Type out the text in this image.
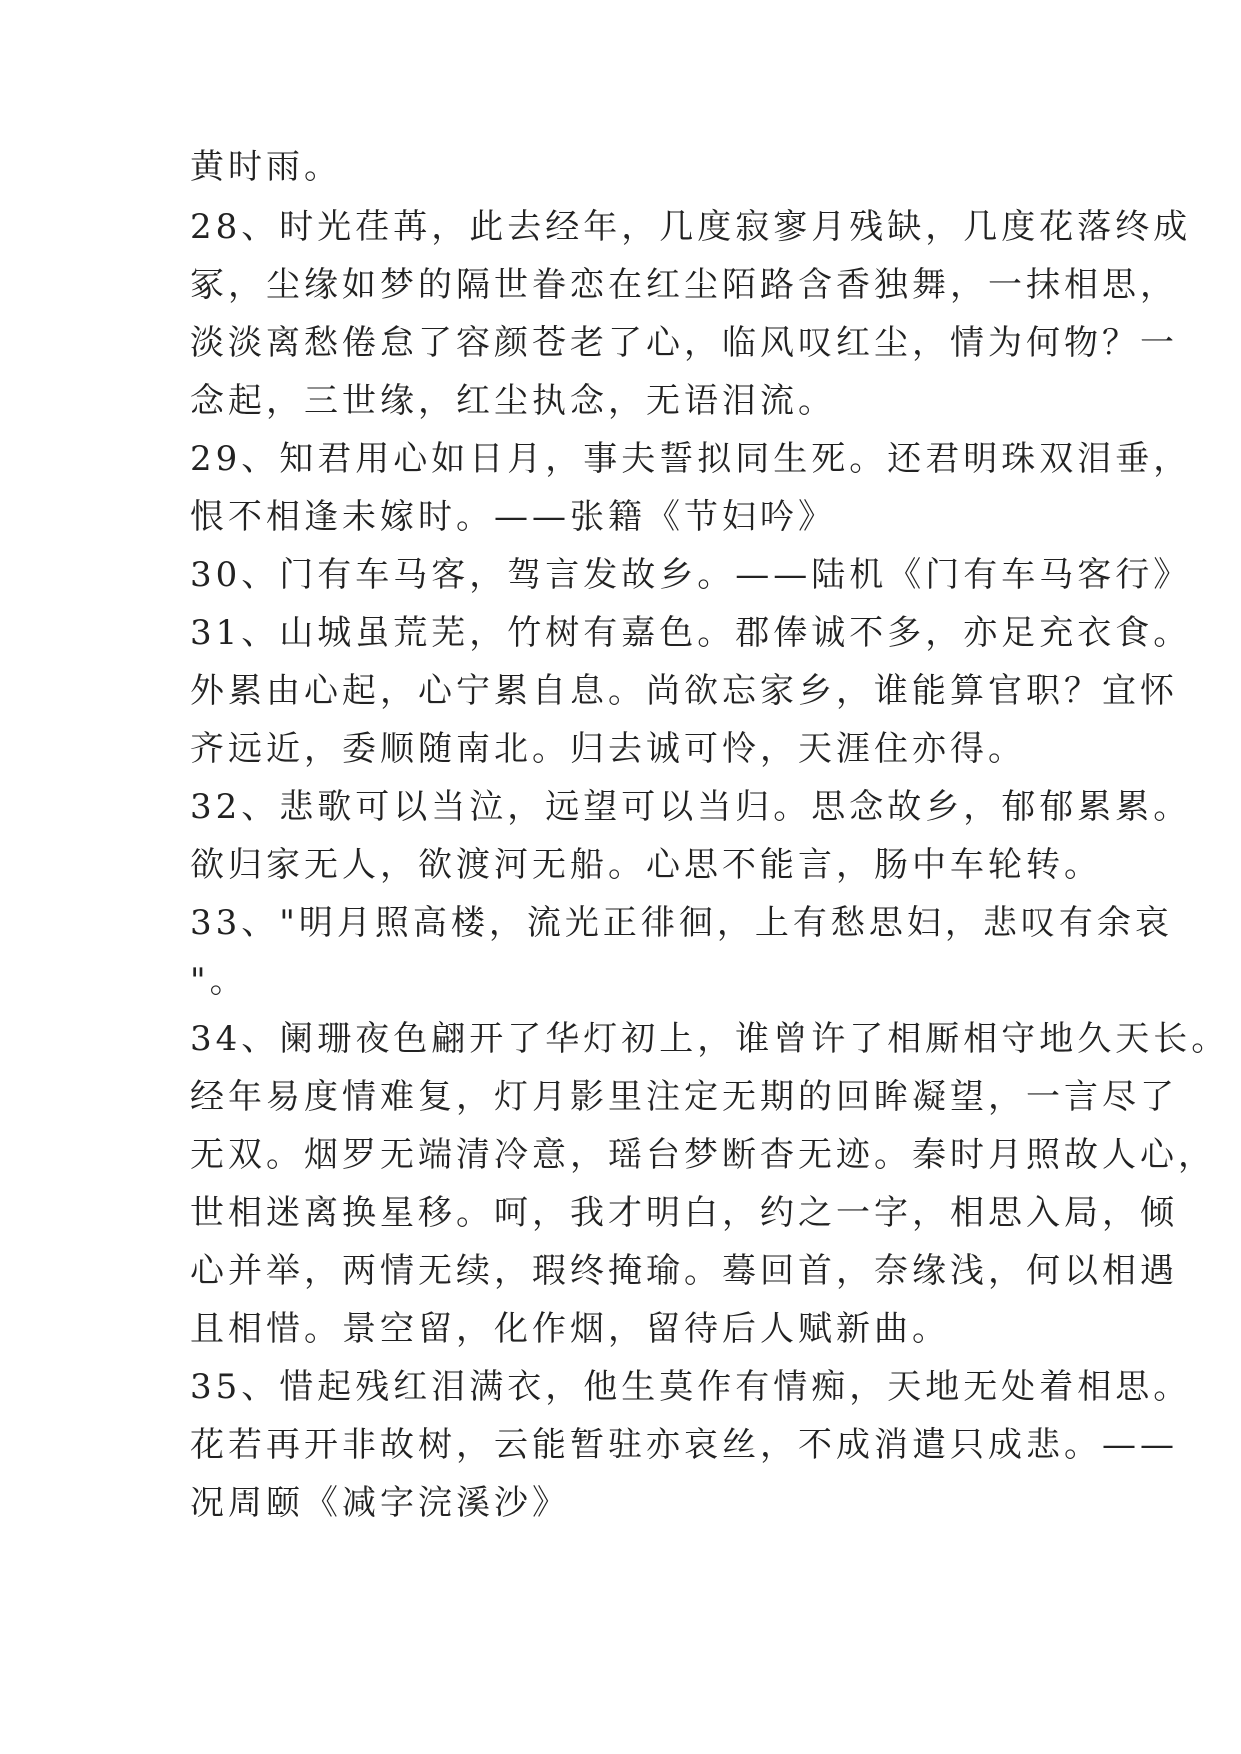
黄时雨。
28、时光荏苒，此去经年，几度寂寥月残缺，几度花落终成
冢，尘缘如梦的隔世眷恋在红尘陌路含香独舞，一抹相思，
淡淡离愁倦怠了容颜苍老了心，临风叹红尘，情为何物？一
念起，三世缘，红尘执念，无语泪流。
29、知君用心如日月，事夫誓拟同生死。还君明珠双泪垂，
恨不相逢未嫁时。——张籍《节妇吟》
30、门有车马客，驾言发故乡。——陆机《门有车马客行》
31、山城虽荒芜，竹树有嘉色。郡俸诚不多，亦足充衣食。
外累由心起，心宁累自息。尚欲忘家乡，谁能算官职？宜怀
齐远近，委顺随南北。归去诚可怜，天涯住亦得。
32、悲歌可以当泣，远望可以当归。思念故乡，郁郁累累。
欲归家无人，欲渡河无船。心思不能言，肠中车轮转。
33、"明月照高楼，流光正徘徊，上有愁思妇，悲叹有余哀
"。
34、阑珊夜色翩开了华灯初上，谁曾许了相厮相守地久天长。
经年易度情难复，灯月影里注定无期的回眸凝望，一言尽了
无双。烟罗无端清冷意，瑶台梦断杳无迹。秦时月照故人心，
世相迷离换星移。呵，我才明白，约之一字，相思入局，倾
心并举，两情无续，瑕终掩瑜。蓦回首，奈缘浅，何以相遇
且相惜。景空留，化作烟，留待后人赋新曲。
35、惜起残红泪满衣，他生莫作有情痴，天地无处着相思。
花若再开非故树，云能暂驻亦哀丝，不成消遣只成悲。——
况周颐《减字浣溪沙》
